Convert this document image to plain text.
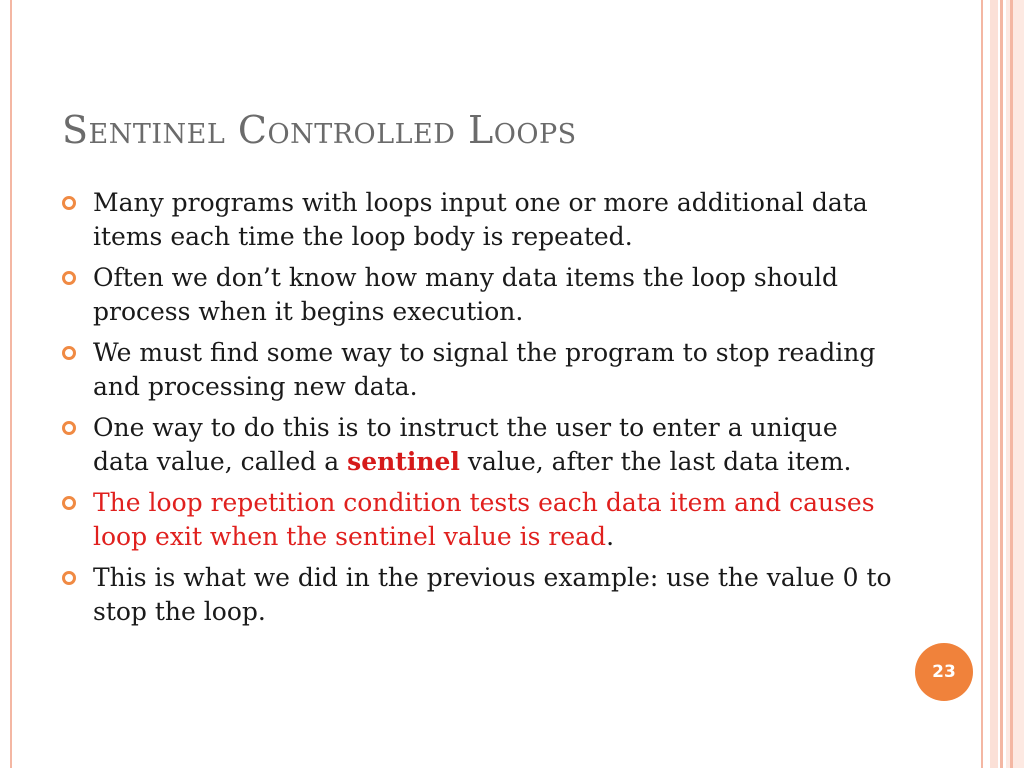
Sentinel Controlled Loops
Many programs with loops input one or more additional data items each time the loop body is repeated.
Often we don’t know how many data items the loop should process when it begins execution.
We must find some way to signal the program to stop reading and processing new data.
One way to do this is to instruct the user to enter a unique data value, called a sentinel value, after the last data item.
The loop repetition condition tests each data item and causes loop exit when the sentinel value is read.
This is what we did in the previous example: use the value 0 to stop the loop.
23
